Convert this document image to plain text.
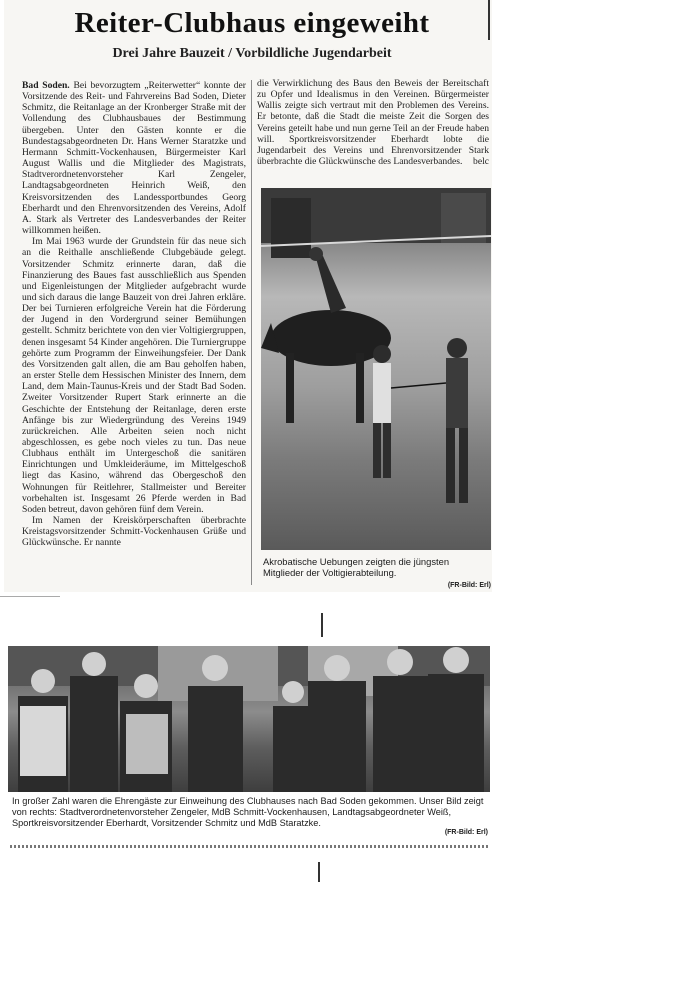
Reiter-Clubhaus eingeweiht
Drei Jahre Bauzeit / Vorbildliche Jugendarbeit

Bad Soden. Bei bevorzugtem „Reiterwetter“ konnte der Vorsitzende des Reit- und Fahrvereins Bad Soden, Dieter Schmitz, die Reitanlage an der Kronberger Straße mit der Vollendung des Clubhausbaues der Bestimmung übergeben. Unter den Gästen konnte er die Bundestagsabgeordneten Dr. Hans Werner Staratzke und Hermann Schmitt-Vockenhausen, Bürgermeister Karl August Wallis und die Mitglieder des Magistrats, Stadtverordnetenvorsteher Karl Zengeler, Landtagsabgeordneten Heinrich Weiß, den Kreisvorsitzenden des Landessportbundes Georg Eberhardt und den Ehrenvorsitzenden des Vereins, Adolf A. Stark als Vertreter des Landesverbandes der Reiter willkommen heißen.

Im Mai 1963 wurde der Grundstein für das neue sich an die Reithalle anschließende Clubgebäude gelegt. Vorsitzender Schmitz erinnerte daran, daß die Finanzierung des Baues fast ausschließlich aus Spenden und Eigenleistungen der Mitglieder aufgebracht wurde und sich daraus die lange Bauzeit von drei Jahren erkläre. Der bei Turnieren erfolgreiche Verein hat die Förderung der Jugend in den Vordergrund seiner Bemühungen gestellt. Schmitz berichtete von den vier Voltigiergruppen, denen insgesamt 54 Kinder angehören. Die Turniergruppe gehörte zum Programm der Einweihungsfeier. Der Dank des Vorsitzenden galt allen, die am Bau geholfen haben, an erster Stelle dem Hessischen Minister des Innern, dem Land, dem Main-Taunus-Kreis und der Stadt Bad Soden. Zweiter Vorsitzender Rupert Stark erinnerte an die Geschichte der Entstehung der Reitanlage, deren erste Anfänge bis zur Wiedergründung des Vereins 1949 zurückreichen. Alle Arbeiten seien noch nicht abgeschlossen, es gebe noch vieles zu tun. Das neue Clubhaus enthält im Untergeschoß die sanitären Einrichtungen und Umkleideräume, im Mittelgeschoß liegt das Kasino, während das Obergeschoß den Wohnungen für Reitlehrer, Stallmeister und Bereiter vorbehalten ist. Insgesamt 26 Pferde werden in Bad Soden betreut, davon gehören fünf dem Verein.

Im Namen der Kreiskörperschaften überbrachte Kreistagsvorsitzender Schmitt-Vockenhausen Grüße und Glückwünsche. Er nannte

die Verwirklichung des Baus den Beweis der Bereitschaft zu Opfer und Idealismus in den Vereinen. Bürgermeister Wallis zeigte sich vertraut mit den Problemen des Vereins. Er betonte, daß die Stadt die meiste Zeit die Sorgen des Vereins geteilt habe und nun gerne Teil an der Freude haben will. Sportkreisvorsitzender Eberhardt lobte die Jugendarbeit des Vereins und Ehrenvorsitzender Stark überbrachte die Glückwünsche des Landesverbandes. belc

Akrobatische Uebungen zeigten die jüngsten Mitglieder der Voltigierabteilung.
(FR-Bild: Erl)
In großer Zahl waren die Ehrengäste zur Einweihung des Clubhauses nach Bad Soden gekommen. Unser Bild zeigt von rechts: Stadtverordnetenvorsteher Zengeler, MdB Schmitt-Vockenhausen, Landtagsabgeordneter Weiß, Sportkreisvorsitzender Eberhardt, Vorsitzender Schmitz und MdB Staratzke.
(FR-Bild: Erl)
